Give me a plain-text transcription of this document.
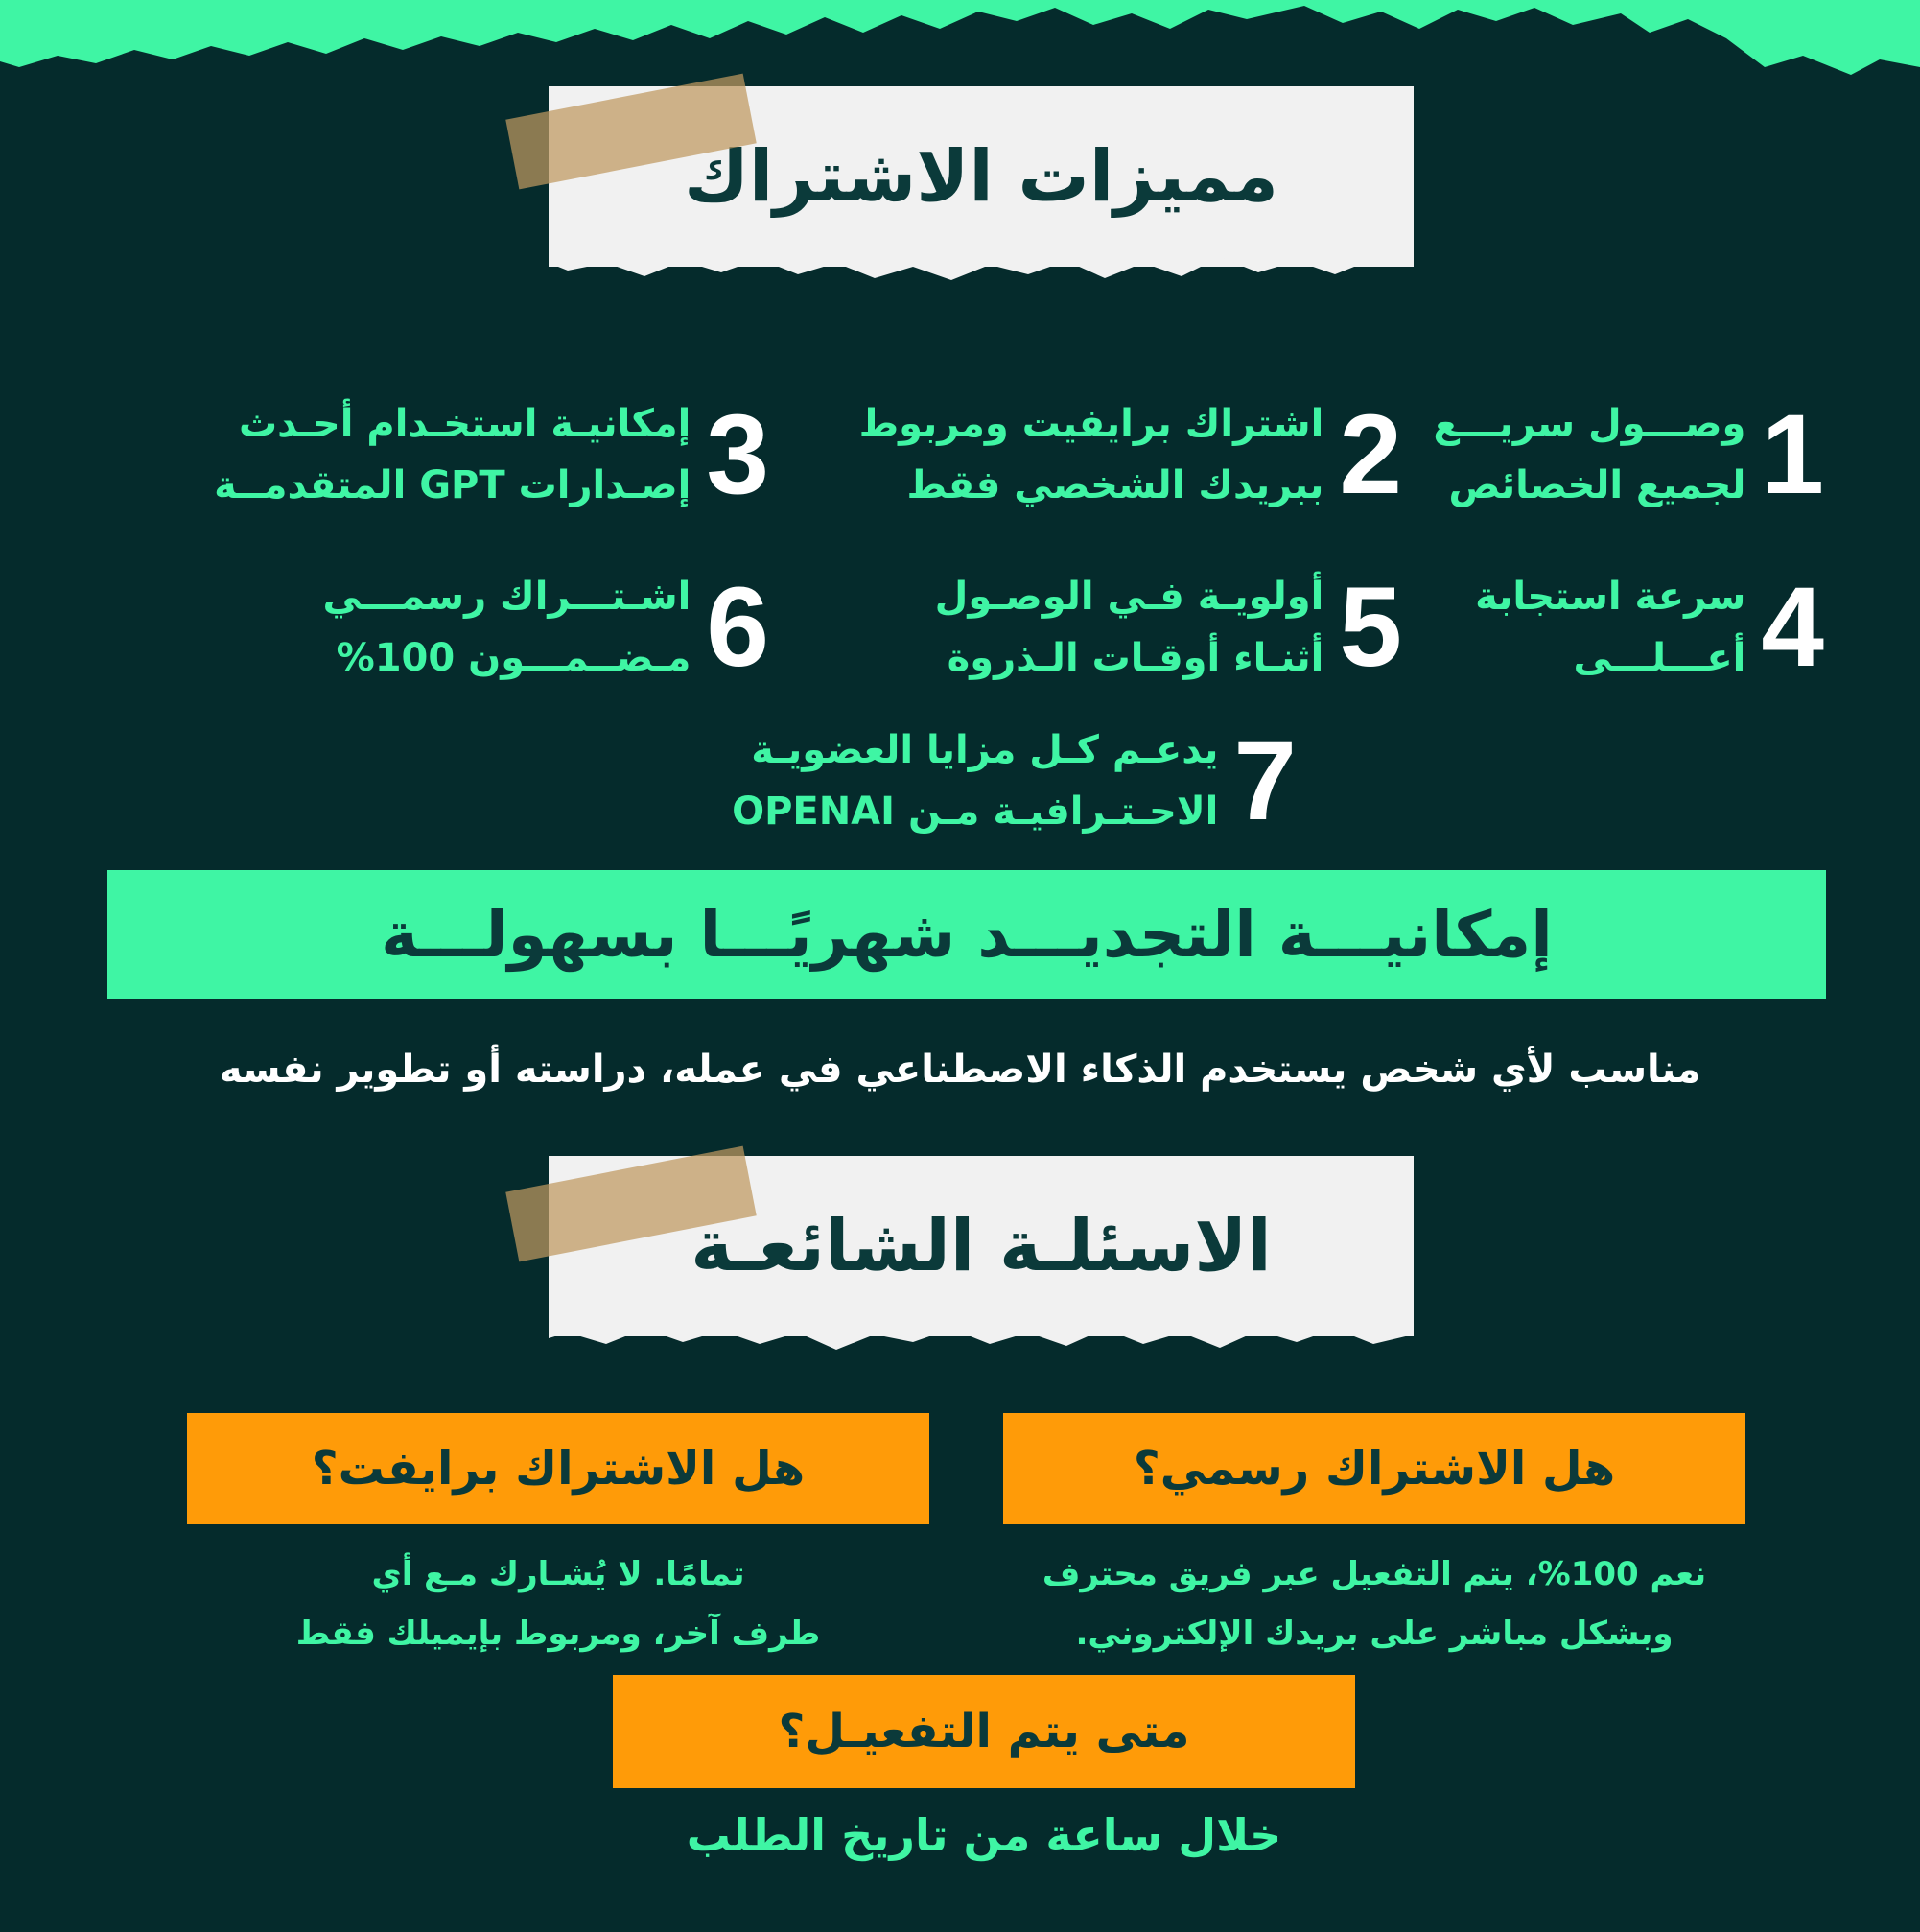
مميزات الاشتراك
1
وصـــول سريـــع
لجميع الخصائص
2
اشتراك برايفيت ومربوط
ببريدك الشخصي فقط
3
إمكانيـة استخـدام أحـدث
إصـدارات GPT المتقدمــة
4
سرعة استجابة
أعـــلـــى
5
أولويـة فـي الوصـول
أثنـاء أوقـات الـذروة
6
اشـتـــراك رسمـــي
مـضــمـــون 100%
7
يدعـم كـل مزايا العضويـة
الاحـتـرافيـة مـن OPENAI
إمكانيـــة التجديـــد شهريًـــا بسهولـــة
مناسب لأي شخص يستخدم الذكاء الاصطناعي في عمله، دراسته أو تطوير نفسه
الاسئلـة الشائعـة
هل الاشتراك رسمي؟
نعم 100%، يتم التفعيل عبر فريق محترف
وبشكل مباشر على بريدك الإلكتروني.
هل الاشتراك برايفت؟
تمامًا. لا يُشـارك مـع أي
طرف آخر، ومربوط بإيميلك فقط
متى يتم التفعيـل؟
خلال ساعة من تاريخ الطلب
